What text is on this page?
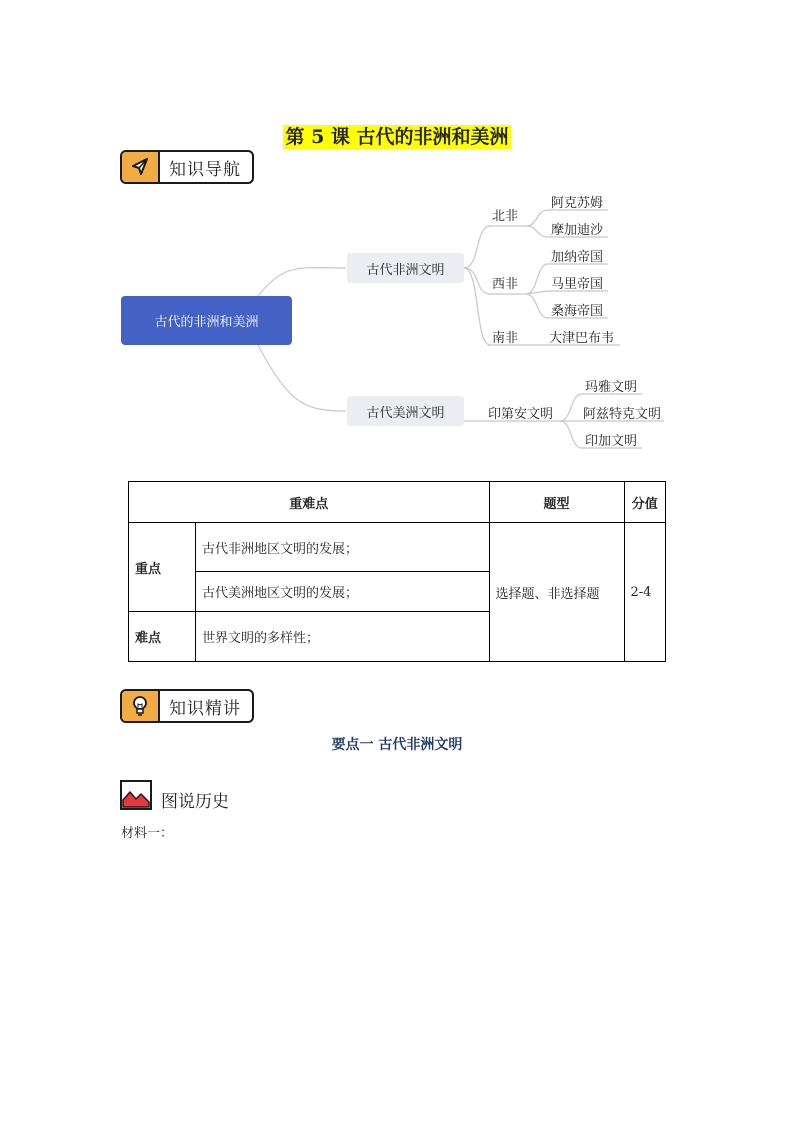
第 5 课 古代的非洲和美洲
知识导航
古代的非洲和美洲
古代非洲文明
古代美洲文明
北非
西非
南非
阿克苏姆
摩加迪沙
加纳帝国
马里帝国
桑海帝国
大津巴布韦
印第安文明
玛雅文明
阿兹特克文明
印加文明
重难点		题型	分值
重点	古代非洲地区文明的发展；	选择题、非选择题	2-4
	古代美洲地区文明的发展；		
难点	世界文明的多样性；		
知识精讲
要点一 古代非洲文明
图说历史
材料一：
